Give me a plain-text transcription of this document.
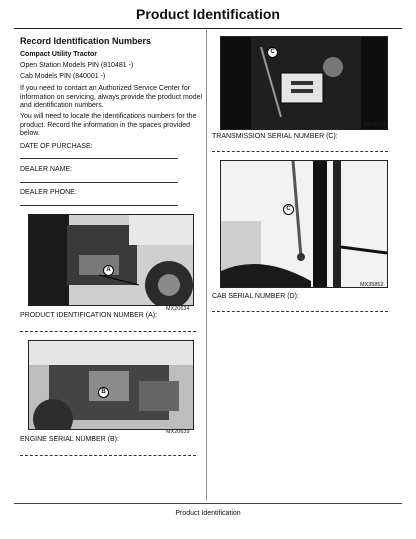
Product Identification
Record Identification Numbers
Compact Utility Tractor
Open Station Models PIN (810481 -)
Cab Models PIN (840001 -)
If you need to contact an Authorized Service Center for information on servicing, always provide the product model and identification numbers.
You will need to locate the identifications numbers for the product. Record the information in the spaces provided below.
DATE OF PURCHASE:
DEALER NAME:
DEALER PHONE:
A
MX20634
PRODUCT IDENTIFICATION NUMBER (A):
B
MX20639
ENGINE SERIAL NUMBER (B):
C
MX4778
TRANSMISSION SERIAL NUMBER (C):
C
MX35852
CAB SERIAL NUMBER (D):
Product Identification
